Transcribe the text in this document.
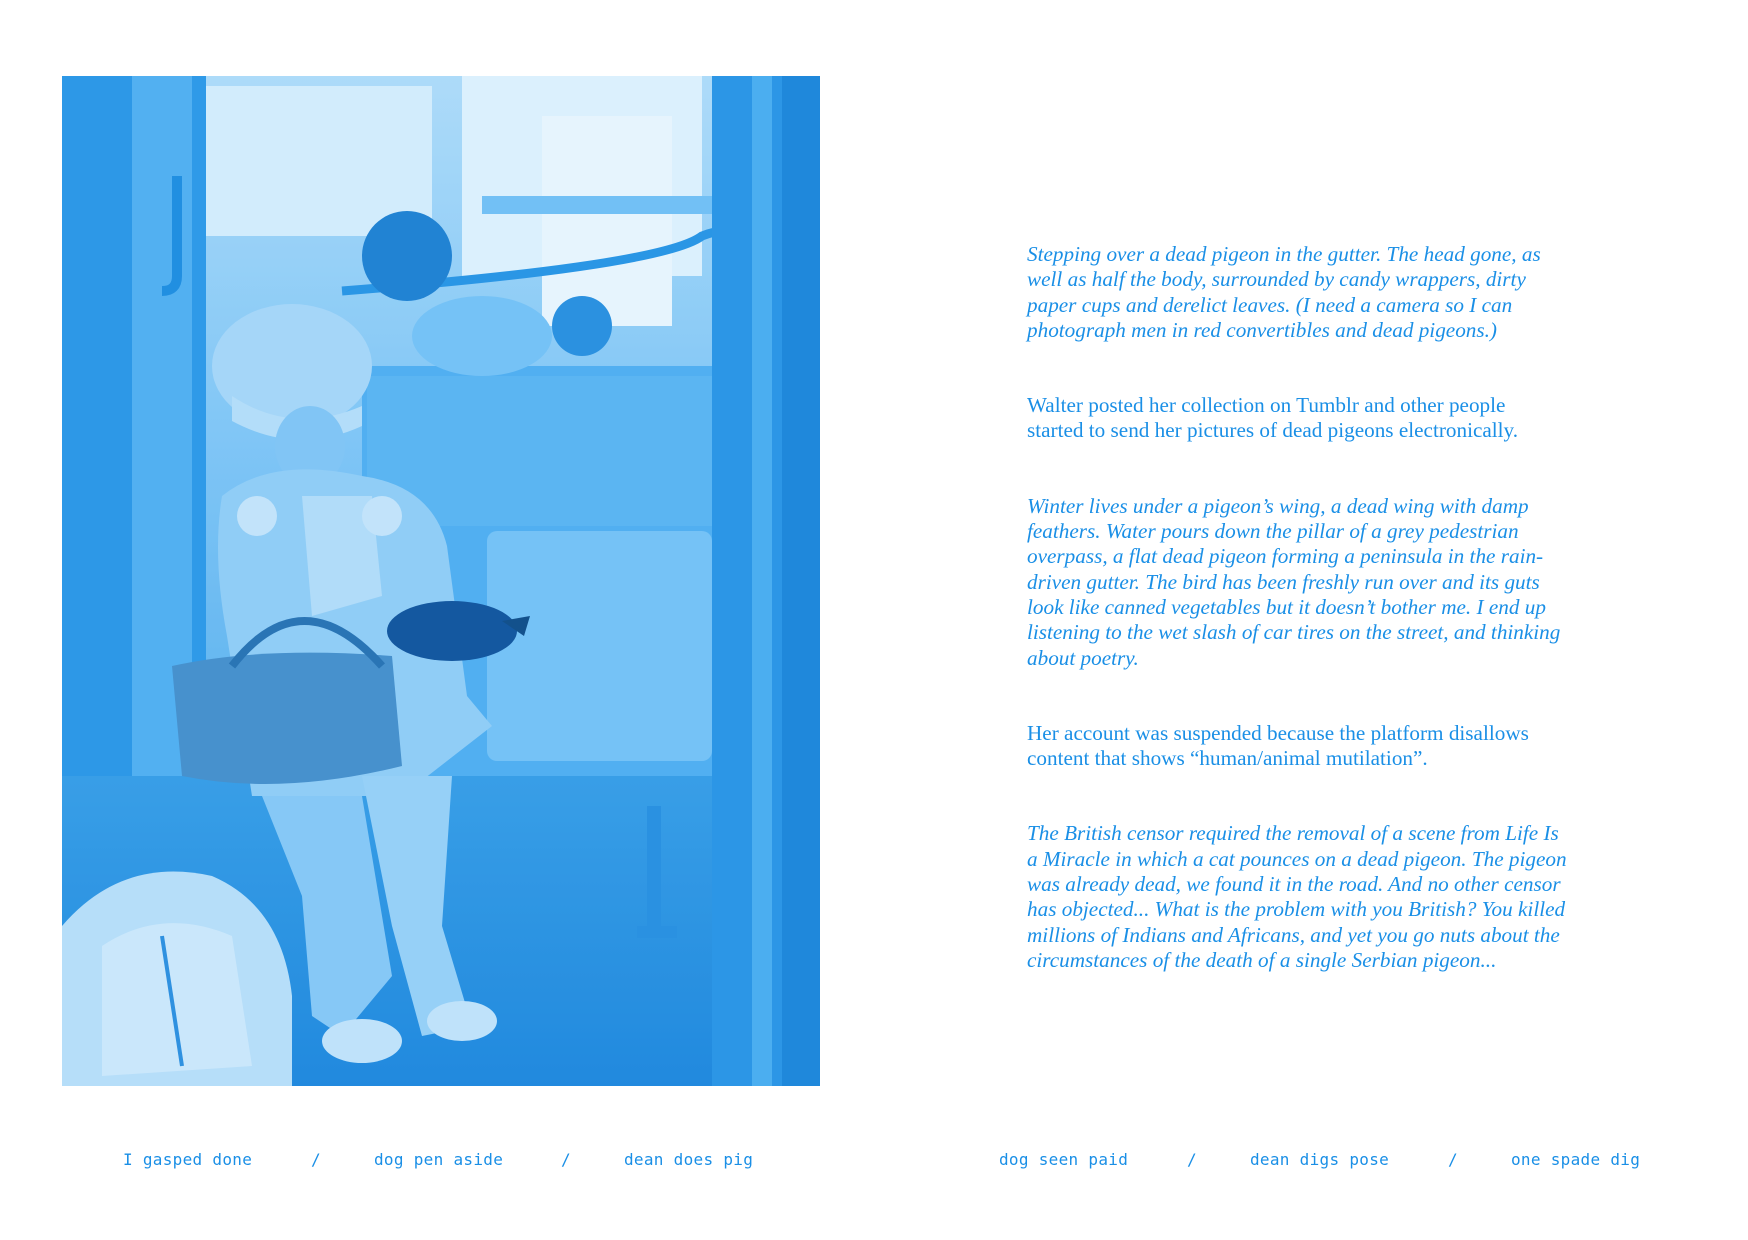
Stepping over a dead pigeon in the gutter. The head gone, as
well as half the body, surrounded by candy wrappers, dirty
paper cups and derelict leaves. (I need a camera so I can
photograph men in red convertibles and dead pigeons.)

Walter posted her collection on Tumblr and other people
started to send her pictures of dead pigeons electronically.

Winter lives under a pigeon’s wing, a dead wing with damp
feathers. Water pours down the pillar of a grey pedestrian
overpass, a flat dead pigeon forming a peninsula in the rain-
driven gutter. The bird has been freshly run over and its guts
look like canned vegetables but it doesn’t bother me. I end up
listening to the wet slash of car tires on the street, and thinking
about poetry.

Her account was suspended because the platform disallows
content that shows “human/animal mutilation”.

The British censor required the removal of a scene from Life Is
a Miracle in which a cat pounces on a dead pigeon. The pigeon
was already dead, we found it in the road. And no other censor
has objected... What is the problem with you British? You killed
millions of Indians and Africans, and yet you go nuts about the
circumstances of the death of a single Serbian pigeon...

I gasped done	/	dog pen aside	/	dean does pig	dog seen paid	/	dean digs pose	/	one spade dig
